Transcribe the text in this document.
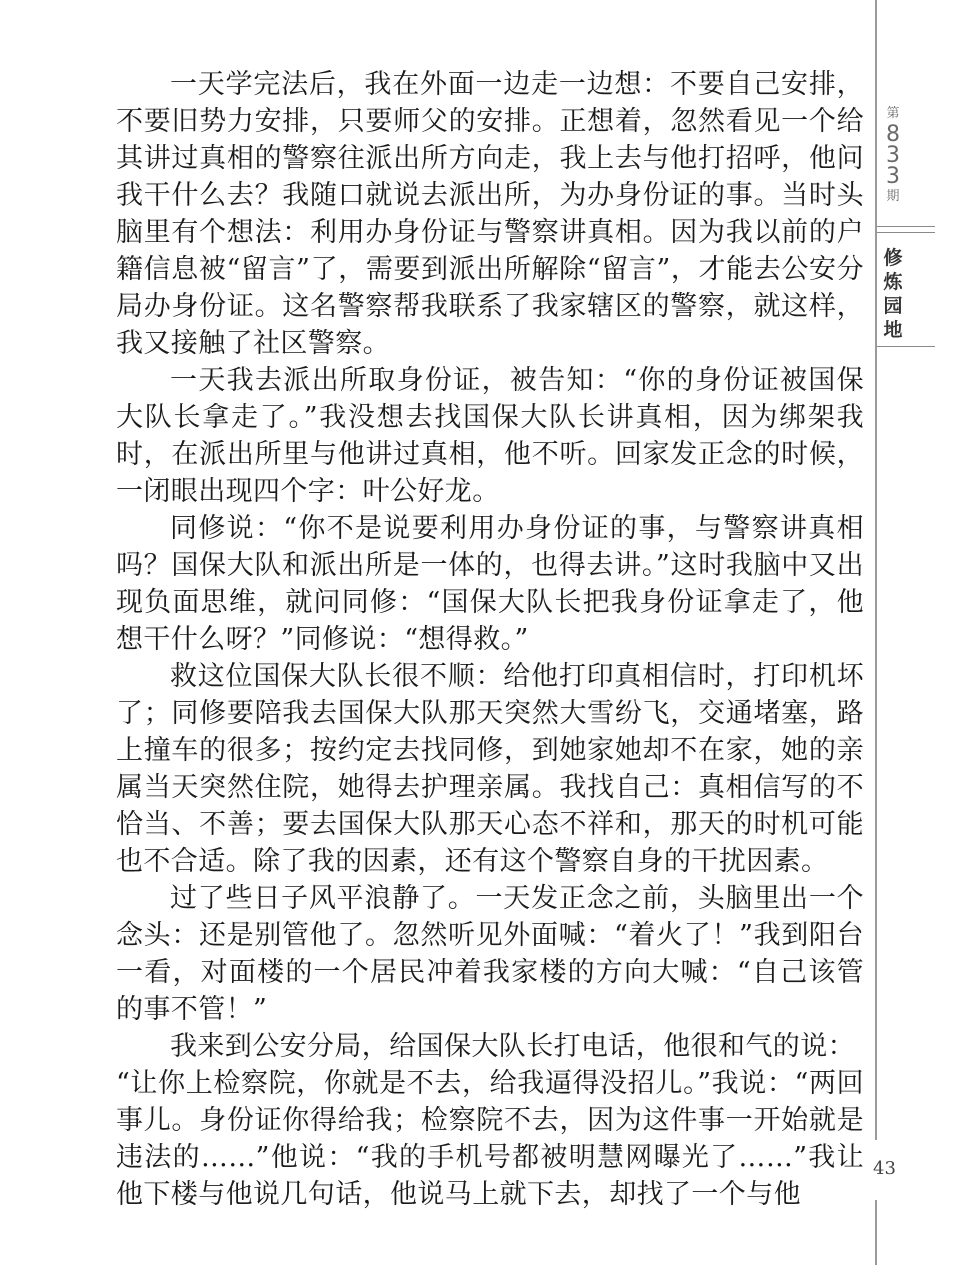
一天学完法后，我在外面一边走一边想：不要自己安排，不要旧势力安排，只要师父的安排。正想着，忽然看见一个给其讲过真相的警察往派出所方向走，我上去与他打招呼，他问我干什么去？我随口就说去派出所，为办身份证的事。当时头脑里有个想法：利用办身份证与警察讲真相。因为我以前的户籍信息被“留言”了，需要到派出所解除“留言”，才能去公安分局办身份证。这名警察帮我联系了我家辖区的警察，就这样，我又接触了社区警察。

一天我去派出所取身份证，被告知：“你的身份证被国保大队长拿走了。”我没想去找国保大队长讲真相，因为绑架我时，在派出所里与他讲过真相，他不听。回家发正念的时候，一闭眼出现四个字：叶公好龙。

同修说：“你不是说要利用办身份证的事，与警察讲真相吗？国保大队和派出所是一体的，也得去讲。”这时我脑中又出现负面思维，就问同修：“国保大队长把我身份证拿走了，他想干什么呀？”同修说：“想得救。”

救这位国保大队长很不顺：给他打印真相信时，打印机坏了；同修要陪我去国保大队那天突然大雪纷飞，交通堵塞，路上撞车的很多；按约定去找同修，到她家她却不在家，她的亲属当天突然住院，她得去护理亲属。我找自己：真相信写的不恰当、不善；要去国保大队那天心态不祥和，那天的时机可能也不合适。除了我的因素，还有这个警察自身的干扰因素。

过了些日子风平浪静了。一天发正念之前，头脑里出一个念头：还是别管他了。忽然听见外面喊：“着火了！”我到阳台一看，对面楼的一个居民冲着我家楼的方向大喊：“自己该管的事不管！”

我来到公安分局，给国保大队长打电话，他很和气的说：

“让你上检察院，你就是不去，给我逼得没招儿。”我说：“两回事儿。身份证你得给我；检察院不去，因为这件事一开始就是违法的……”他说：“我的手机号都被明慧网曝光了……”我让他下楼与他说几句话，他说马上就下去，却找了一个与他

第
8
3
3
期
修
炼
园
地
43
